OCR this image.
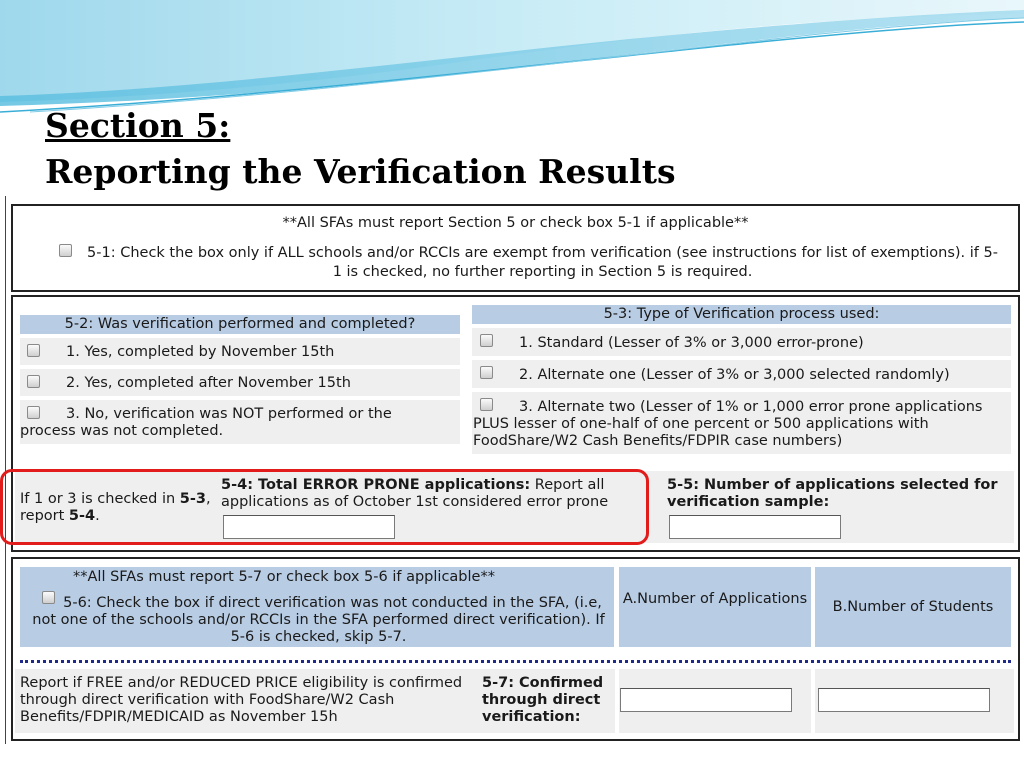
Section 5:
Reporting the Verification Results
**All SFAs must report Section 5 or check box 5-1 if applicable**
5-1: Check the box only if ALL schools and/or RCCIs are exempt from verification (see instructions for list of exemptions). if 5-1 is checked, no further reporting in Section 5 is required.
5-2: Was verification performed and completed?
1. Yes, completed by November 15th
2. Yes, completed after November 15th
3. No, verification was NOT performed or the process was not completed.
5-3: Type of Verification process used:
1. Standard (Lesser of 3% or 3,000 error-prone)
2. Alternate one (Lesser of 3% or 3,000 selected randomly)
3. Alternate two (Lesser of 1% or 1,000 error prone applications PLUS lesser of one-half of one percent or 500 applications with FoodShare/W2 Cash Benefits/FDPIR case numbers)
If 1 or 3 is checked in 5-3, report 5-4.
5-4: Total ERROR PRONE applications: Report all applications as of October 1st considered error prone
5-5: Number of applications selected for verification sample:
**All SFAs must report 5-7 or check box 5-6 if applicable**
5-6: Check the box if direct verification was not conducted in the SFA, (i.e, not one of the schools and/or RCCIs in the SFA performed direct verification). If 5-6 is checked, skip 5-7.
A.Number of Applications	B.Number of Students
Report if FREE and/or REDUCED PRICE eligibility is confirmed through direct verification with FoodShare/W2 Cash Benefits/FDPIR/MEDICAID as November 15h
5-7: Confirmed through direct verification:
